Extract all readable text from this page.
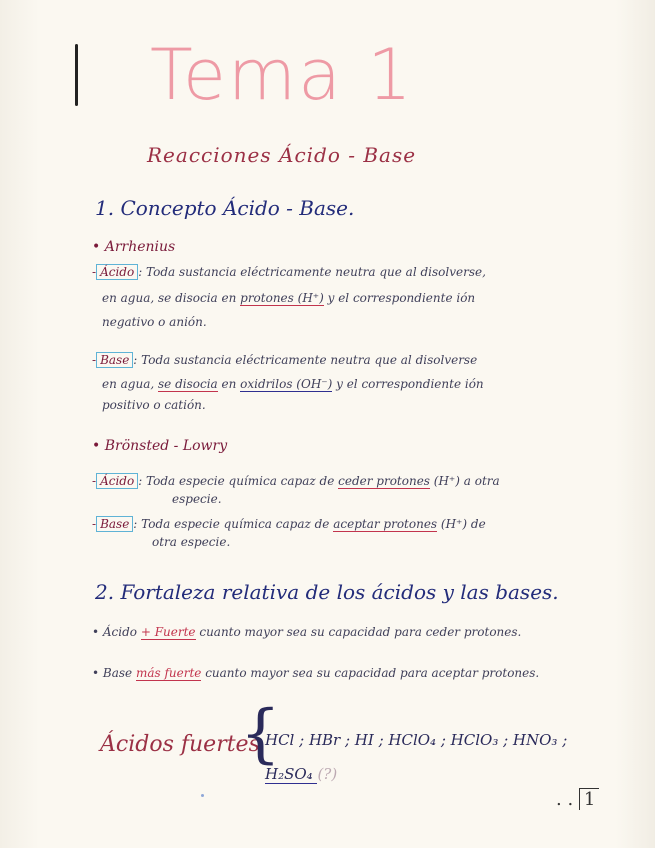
Tema 1
Reacciones Ácido - Base
1. Concepto Ácido - Base.
• Arrhenius
- Ácido : Toda sustancia eléctricamente neutra que al disolverse,
en agua, se disocia en protones (H⁺) y el correspondiente ión
negativo o anión.
- Base : Toda sustancia eléctricamente neutra que al disolverse
en agua, se disocia en oxidrilos (OH⁻) y el correspondiente ión
positivo o catión.
• Brönsted - Lowry
- Ácido : Toda especie química capaz de ceder protones (H⁺) a otra
especie.
- Base : Toda especie química capaz de aceptar protones (H⁺) de
otra especie.
2. Fortaleza relativa de los ácidos y las bases.
• Ácido + Fuerte cuanto mayor sea su capacidad para ceder protones.
• Base más fuerte cuanto mayor sea su capacidad para aceptar protones.
Ácidos fuertes
{
HCl ; HBr ; HI ; HClO₄ ; HClO₃ ; HNO₃ ;
H₂SO₄ (?)
. . 1
